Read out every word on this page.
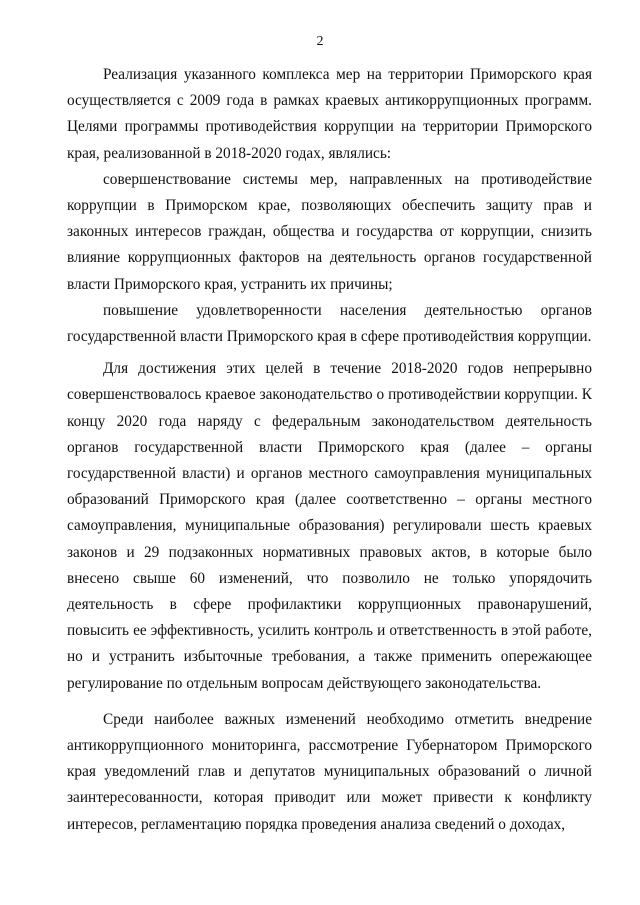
2

Реализация указанного комплекса мер на территории Приморского края осуществляется с 2009 года в рамках краевых антикоррупционных программ. Целями программы противодействия коррупции на территории Приморского края, реализованной в 2018-2020 годах, являлись:

совершенствование системы мер, направленных на противодействие коррупции в Приморском крае, позволяющих обеспечить защиту прав и законных интересов граждан, общества и государства от коррупции, снизить влияние коррупционных факторов на деятельность органов государственной власти Приморского края, устранить их причины;

повышение удовлетворенности населения деятельностью органов государственной власти Приморского края в сфере противодействия коррупции.

Для достижения этих целей в течение 2018-2020 годов непрерывно совершенствовалось краевое законодательство о противодействии коррупции. К концу 2020 года наряду с федеральным законодательством деятельность органов государственной власти Приморского края (далее – органы государственной власти) и органов местного самоуправления муниципальных образований Приморского края (далее соответственно – органы местного самоуправления, муниципальные образования) регулировали шесть краевых законов и 29 подзаконных нормативных правовых актов, в которые было внесено свыше 60 изменений, что позволило не только упорядочить деятельность в сфере профилактики коррупционных правонарушений, повысить ее эффективность, усилить контроль и ответственность в этой работе, но и устранить избыточные требования, а также применить опережающее регулирование по отдельным вопросам действующего законодательства.

Среди наиболее важных изменений необходимо отметить внедрение антикоррупционного мониторинга, рассмотрение Губернатором Приморского края уведомлений глав и депутатов муниципальных образований о личной заинтересованности, которая приводит или может привести к конфликту интересов, регламентацию порядка проведения анализа сведений о доходах,
